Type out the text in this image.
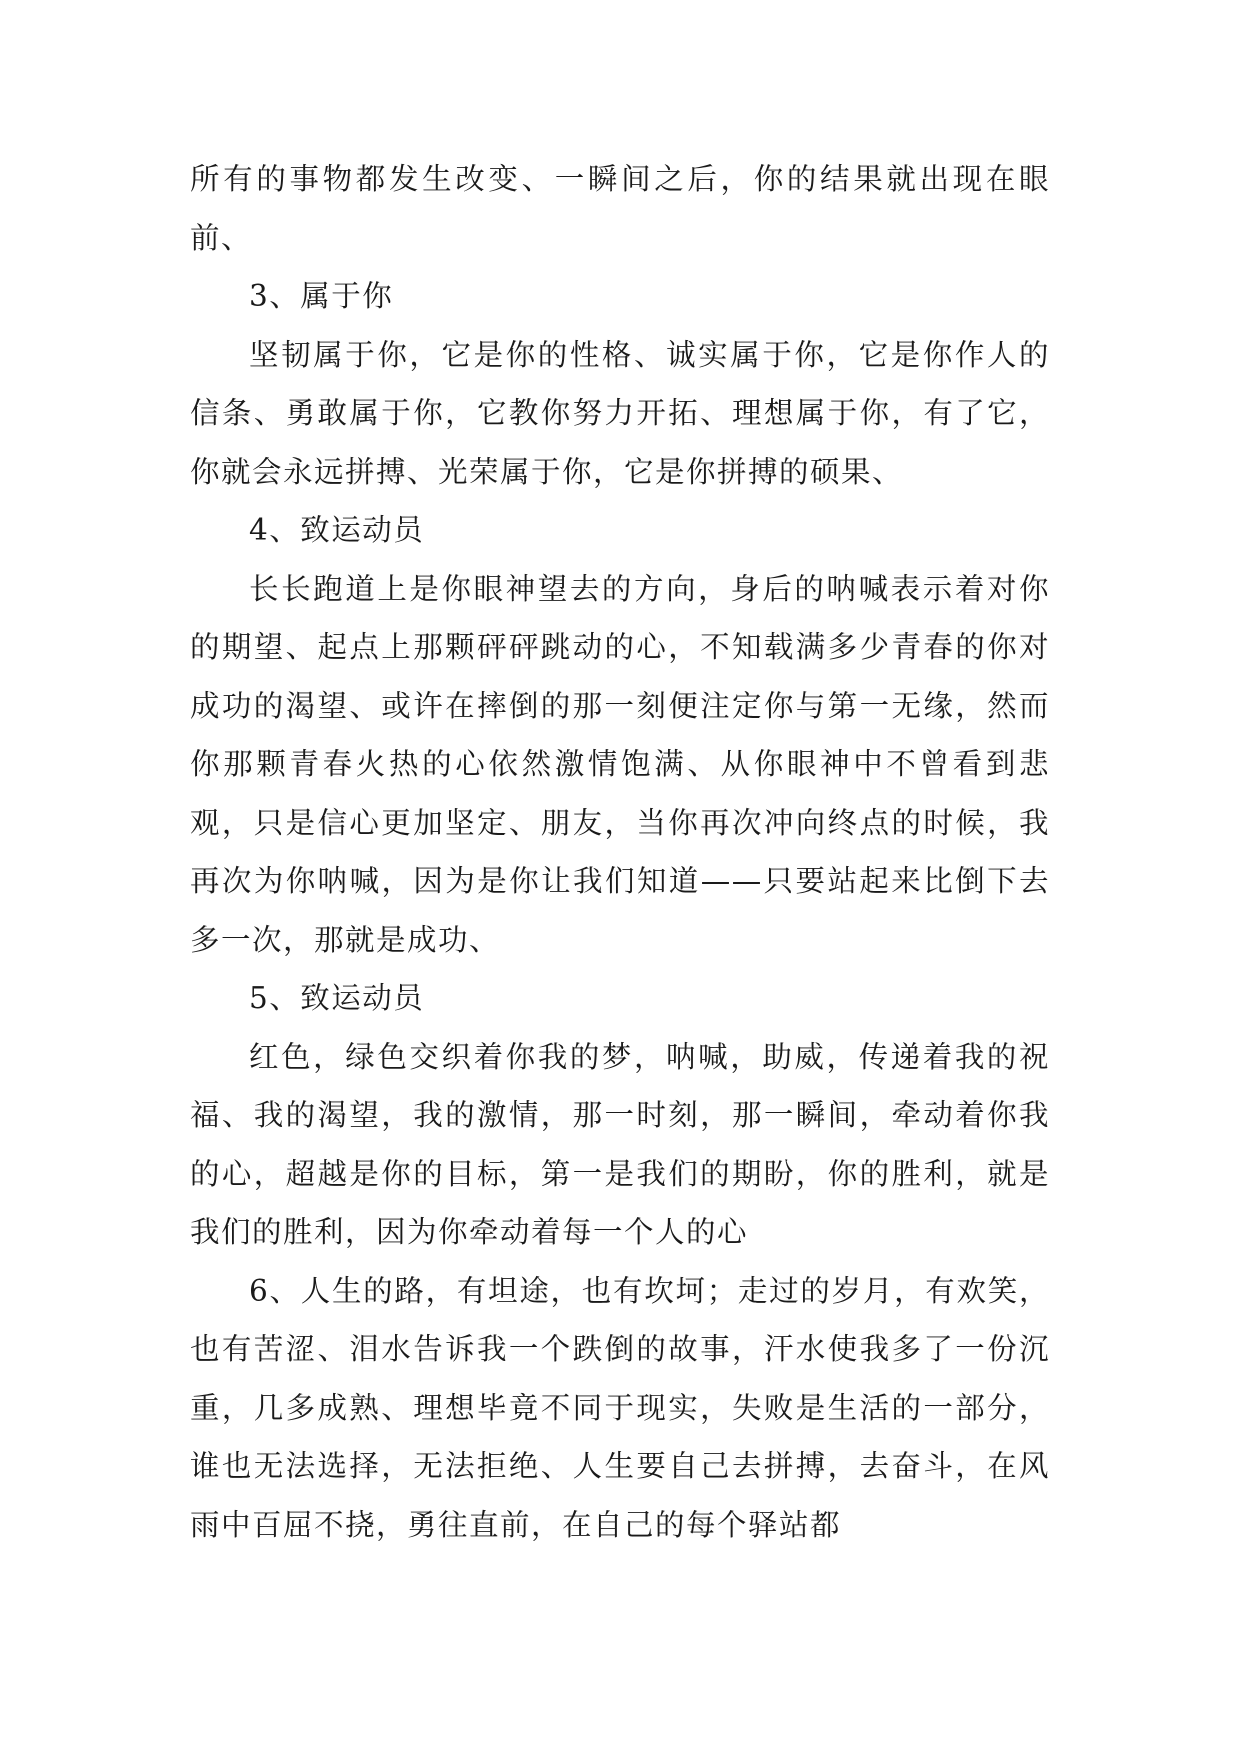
所有的事物都发生改变、一瞬间之后，你的结果就出现在眼前、

3、属于你

坚韧属于你，它是你的性格、诚实属于你，它是你作人的信条、勇敢属于你，它教你努力开拓、理想属于你，有了它，你就会永远拼搏、光荣属于你，它是你拼搏的硕果、

4、致运动员

长长跑道上是你眼神望去的方向，身后的呐喊表示着对你的期望、起点上那颗砰砰跳动的心，不知载满多少青春的你对成功的渴望、或许在摔倒的那一刻便注定你与第一无缘，然而你那颗青春火热的心依然激情饱满、从你眼神中不曾看到悲观，只是信心更加坚定、朋友，当你再次冲向终点的时候，我再次为你呐喊，因为是你让我们知道——只要站起来比倒下去多一次，那就是成功、

5、致运动员

红色，绿色交织着你我的梦，呐喊，助威，传递着我的祝福、我的渴望，我的激情，那一时刻，那一瞬间，牵动着你我的心，超越是你的目标，第一是我们的期盼，你的胜利，就是我们的胜利，因为你牵动着每一个人的心

6、人生的路，有坦途，也有坎坷；走过的岁月，有欢笑，也有苦涩、泪水告诉我一个跌倒的故事，汗水使我多了一份沉重，几多成熟、理想毕竟不同于现实，失败是生活的一部分，谁也无法选择，无法拒绝、人生要自己去拼搏，去奋斗，在风雨中百屈不挠，勇往直前，在自己的每个驿站都
